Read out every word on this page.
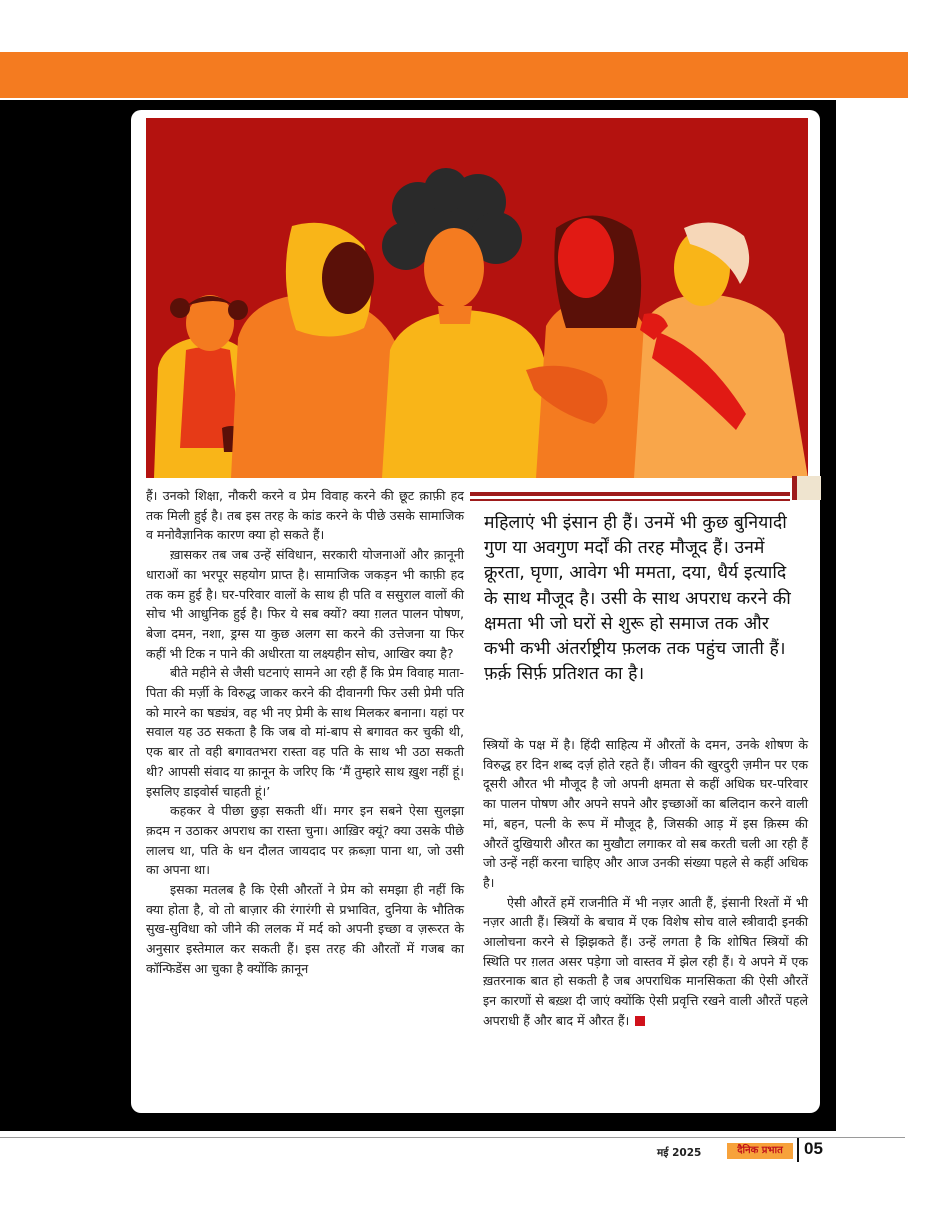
हैं। उनको शिक्षा, नौकरी करने व प्रेम विवाह करने की छूट क़ाफ़ी हद तक मिली हुई है। तब इस तरह के कांड करने के पीछे उसके सामाजिक व मनोवैज्ञानिक कारण क्या हो सकते हैं।

ख़ासकर तब जब उन्हें संविधान, सरकारी योजनाओं और क़ानूनी धाराओं का भरपूर सहयोग प्राप्त है। सामाजिक जकड़न भी काफ़ी हद तक कम हुई है। घर-परिवार वालों के साथ ही पति व ससुराल वालों की सोच भी आधुनिक हुई है। फिर ये सब क्यों? क्या ग़लत पालन पोषण, बेजा दमन, नशा, ड्रग्स या कुछ अलग सा करने की उत्तेजना या फिर कहीं भी टिक न पाने की अधीरता या लक्ष्यहीन सोच, आखिर क्या है?

बीते महीने से जैसी घटनाएं सामने आ रही हैं कि प्रेम विवाह माता-पिता की मर्ज़ी के विरुद्ध जाकर करने की दीवानगी फिर उसी प्रेमी पति को मारने का षड्यंत्र, वह भी नए प्रेमी के साथ मिलकर बनाना। यहां पर सवाल यह उठ सकता है कि जब वो मां-बाप से बगावत कर चुकी थी, एक बार तो वही बगावतभरा रास्ता वह पति के साथ भी उठा सकती थी? आपसी संवाद या क़ानून के जरिए कि ‘मैं तुम्हारे साथ ख़ुश नहीं हूं। इसलिए डाइवोर्स चाहती हूं।’

कहकर वे पीछा छुड़ा सकती थीं। मगर इन सबने ऐसा सुलझा क़दम न उठाकर अपराध का रास्ता चुना। आख़िर क्यूं? क्या उसके पीछे लालच था, पति के धन दौलत जायदाद पर क़ब्ज़ा पाना था, जो उसी का अपना था।

इसका मतलब है कि ऐसी औरतों ने प्रेम को समझा ही नहीं कि क्या होता है, वो तो बाज़ार की रंगारंगी से प्रभावित, दुनिया के भौतिक सुख-सुविधा को जीने की ललक में मर्द को अपनी इच्छा व ज़रूरत के अनुसार इस्तेमाल कर सकती हैं। इस तरह की औरतों में गजब का कॉन्फिडेंस आ चुका है क्योंकि क़ानून

महिलाएं भी इंसान ही हैं। उनमें भी कुछ बुनियादी गुण या अवगुण मर्दों की तरह मौजूद हैं। उनमें क्रूरता, घृणा, आवेग भी ममता, दया, धैर्य इत्यादि के साथ मौजूद है। उसी के साथ अपराध करने की क्षमता भी जो घरों से शुरू हो समाज तक और कभी कभी अंतर्राष्ट्रीय फ़लक तक पहुंच जाती हैं। फ़र्क़ सिर्फ़ प्रतिशत का है।

स्त्रियों के पक्ष में है। हिंदी साहित्य में औरतों के दमन, उनके शोषण के विरुद्ध हर दिन शब्द दर्ज़ होते रहते हैं। जीवन की खुरदुरी ज़मीन पर एक दूसरी औरत भी मौजूद है जो अपनी क्षमता से कहीं अधिक घर-परिवार का पालन पोषण और अपने सपने और इच्छाओं का बलिदान करने वाली मां, बहन, पत्नी के रूप में मौजूद है, जिसकी आड़ में इस क़िस्म की औरतें दुखियारी औरत का मुखौटा लगाकर वो सब करती चली आ रही हैं जो उन्हें नहीं करना चाहिए और आज उनकी संख्या पहले से कहीं अधिक है।

ऐसी औरतें हमें राजनीति में भी नज़र आती हैं, इंसानी रिश्तों में भी नज़र आती हैं। स्त्रियों के बचाव में एक विशेष सोच वाले स्त्रीवादी इनकी आलोचना करने से झिझकते हैं। उन्हें लगता है कि शोषित स्त्रियों की स्थिति पर ग़लत असर पड़ेगा जो वास्तव में झेल रही हैं। ये अपने में एक ख़तरनाक बात हो सकती है जब अपराधिक मानसिकता की ऐसी औरतें इन कारणों से बख़्श दी जाएं क्योंकि ऐसी प्रवृत्ति रखने वाली औरतें पहले अपराधी हैं और बाद में औरत हैं।

मई 2025	दैनिक प्रभात	05
